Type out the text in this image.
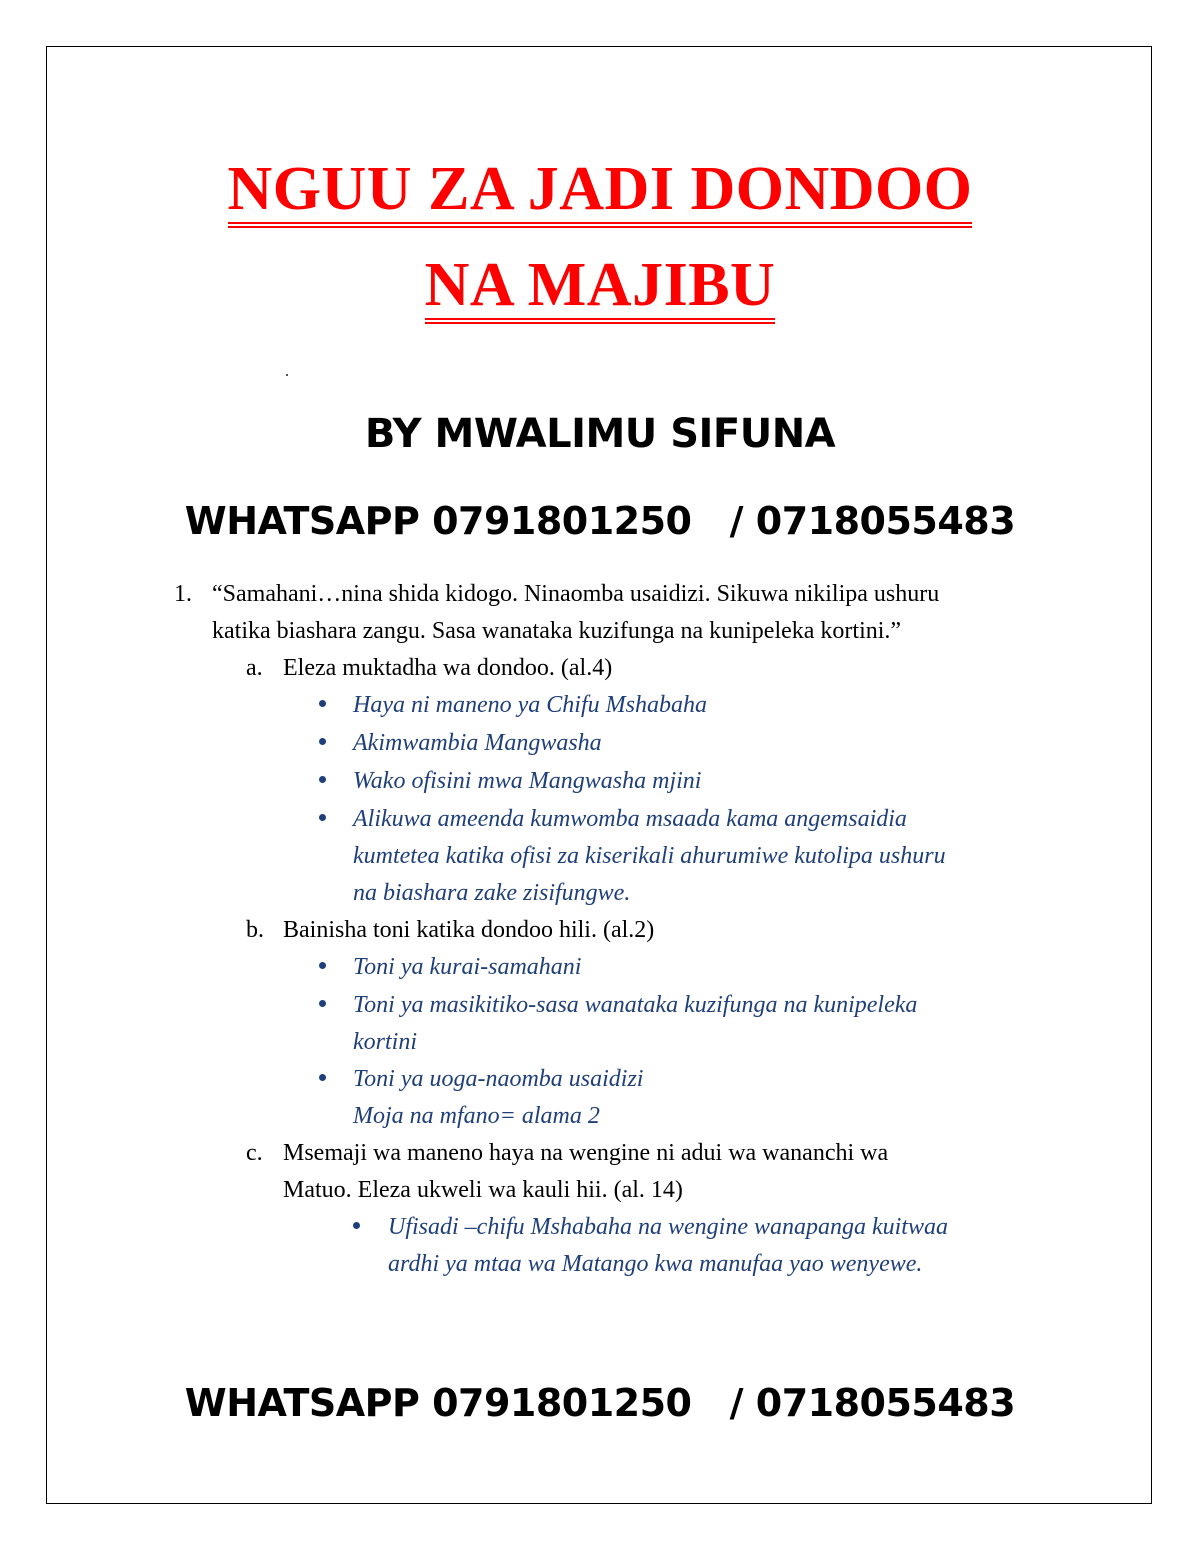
NGUU ZA JADI DONDOO
NA MAJIBU
BY MWALIMU SIFUNA
WHATSAPP 0791801250   / 0718055483
1. “Samahani…nina shida kidogo. Ninaomba usaidizi. Sikuwa nikilipa ushuru
katika biashara zangu. Sasa wanataka kuzifunga na kunipeleka kortini.”
a. Eleza muktadha wa dondoo. (al.4)
Haya ni maneno ya Chifu Mshabaha
Akimwambia Mangwasha
Wako ofisini mwa Mangwasha mjini
Alikuwa ameenda kumwomba msaada kama angemsaidia
kumtetea katika ofisi za kiserikali ahurumiwe kutolipa ushuru
na biashara zake zisifungwe.
b. Bainisha toni katika dondoo hili. (al.2)
Toni ya kurai-samahani
Toni ya masikitiko-sasa wanataka kuzifunga na kunipeleka
kortini
Toni ya uoga-naomba usaidizi
Moja na mfano= alama 2
c. Msemaji wa maneno haya na wengine ni adui wa wananchi wa
Matuo. Eleza ukweli wa kauli hii. (al. 14)
Ufisadi –chifu Mshabaha na wengine wanapanga kuitwaa
ardhi ya mtaa wa Matango kwa manufaa yao wenyewe.
WHATSAPP 0791801250   / 0718055483
